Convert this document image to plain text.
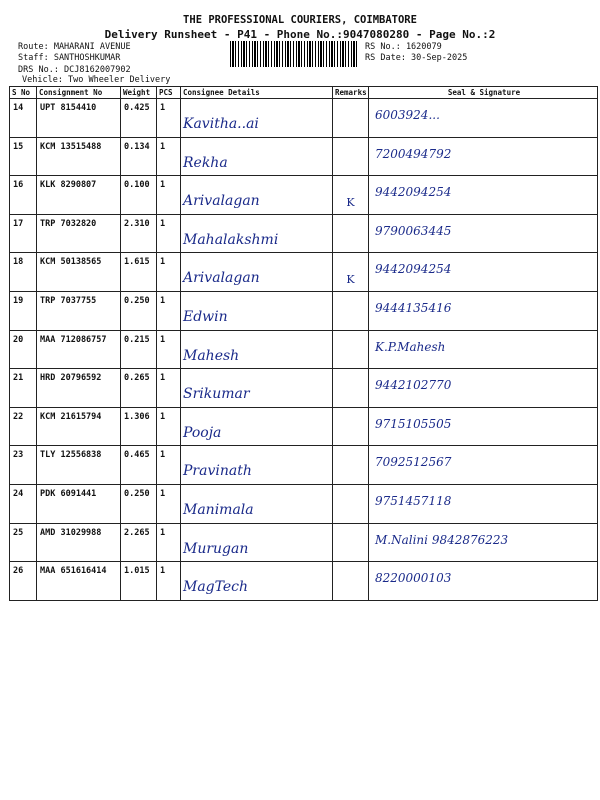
THE PROFESSIONAL COURIERS, COIMBATORE
Delivery Runsheet - P41 - Phone No.:9047080280 - Page No.:2
Route: MAHARANI AVENUE
Staff: SANTHOSHKUMAR
DRS No.: DCJ8162007902
Vehicle: Two Wheeler Delivery
RS No.: 1620079
RS Date: 30-Sep-2025
S No	Consignment No	Weight	PCS	Consignee Details	Remarks	Seal & Signature

14	UPT 8154410	0.425	1	Kavitha..ai		6003924...

15	KCM 13515488	0.134	1	Rekha		7200494792

16	KLK 8290807	0.100	1	Arivalagan	K	9442094254

17	TRP 7032820	2.310	1	Mahalakshmi		9790063445

18	KCM 50138565	1.615	1	Arivalagan	K	9442094254

19	TRP 7037755	0.250	1	Edwin		9444135416

20	MAA 712086757	0.215	1	Mahesh		K.P.Mahesh

21	HRD 20796592	0.265	1	Srikumar		9442102770

22	KCM 21615794	1.306	1	Pooja		9715105505

23	TLY 12556838	0.465	1	Pravinath		7092512567

24	PDK 6091441	0.250	1	Manimala		9751457118

25	AMD 31029988	2.265	1	Murugan		M.Nalini 9842876223

26	MAA 651616414	1.015	1	MagTech		8220000103
